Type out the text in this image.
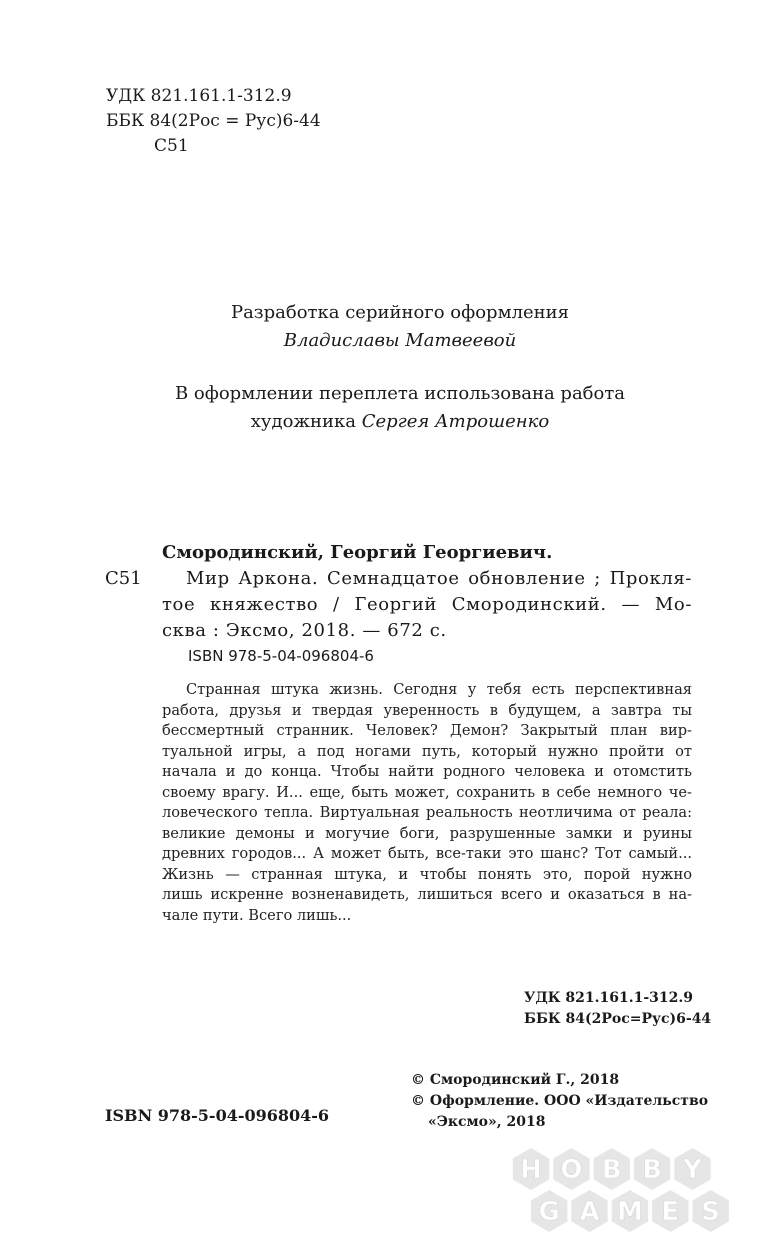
УДК 821.161.1-312.9
ББК 84(2Рос = Рус)6-44
С51
Разработка серийного оформления
Владиславы Матвеевой
В оформлении переплета использована работа
художника Сергея Атрошенко
Смородинский, Георгий Георгиевич.
С51	Мир Аркона. Семнадцатое обновление ; Прокля-
тое княжество / Георгий Смородинский. — Мо-
сква : Эксмо, 2018. — 672 с.
ISBN 978-5-04-096804-6
Странная штука жизнь. Сегодня у тебя есть перспективная
работа, друзья и твердая уверенность в будущем, а завтра ты
бессмертный странник. Человек? Демон? Закрытый план вир-
туальной игры, а под ногами путь, который нужно пройти от
начала и до конца. Чтобы найти родного человека и отомстить
своему врагу. И... еще, быть может, сохранить в себе немного че-
ловеческого тепла. Виртуальная реальность неотличима от реала:
великие демоны и могучие боги, разрушенные замки и руины
древних городов... А может быть, все-таки это шанс? Тот самый...
Жизнь — странная штука, и чтобы понять это, порой нужно
лишь искренне возненавидеть, лишиться всего и оказаться в на-
чале пути. Всего лишь...
УДК 821.161.1-312.9
ББК 84(2Рос=Рус)6-44
© Смородинский Г., 2018
© Оформление. ООО «Издательство
«Эксмо», 2018
ISBN 978-5-04-096804-6
H O B B Y
G A M E S
